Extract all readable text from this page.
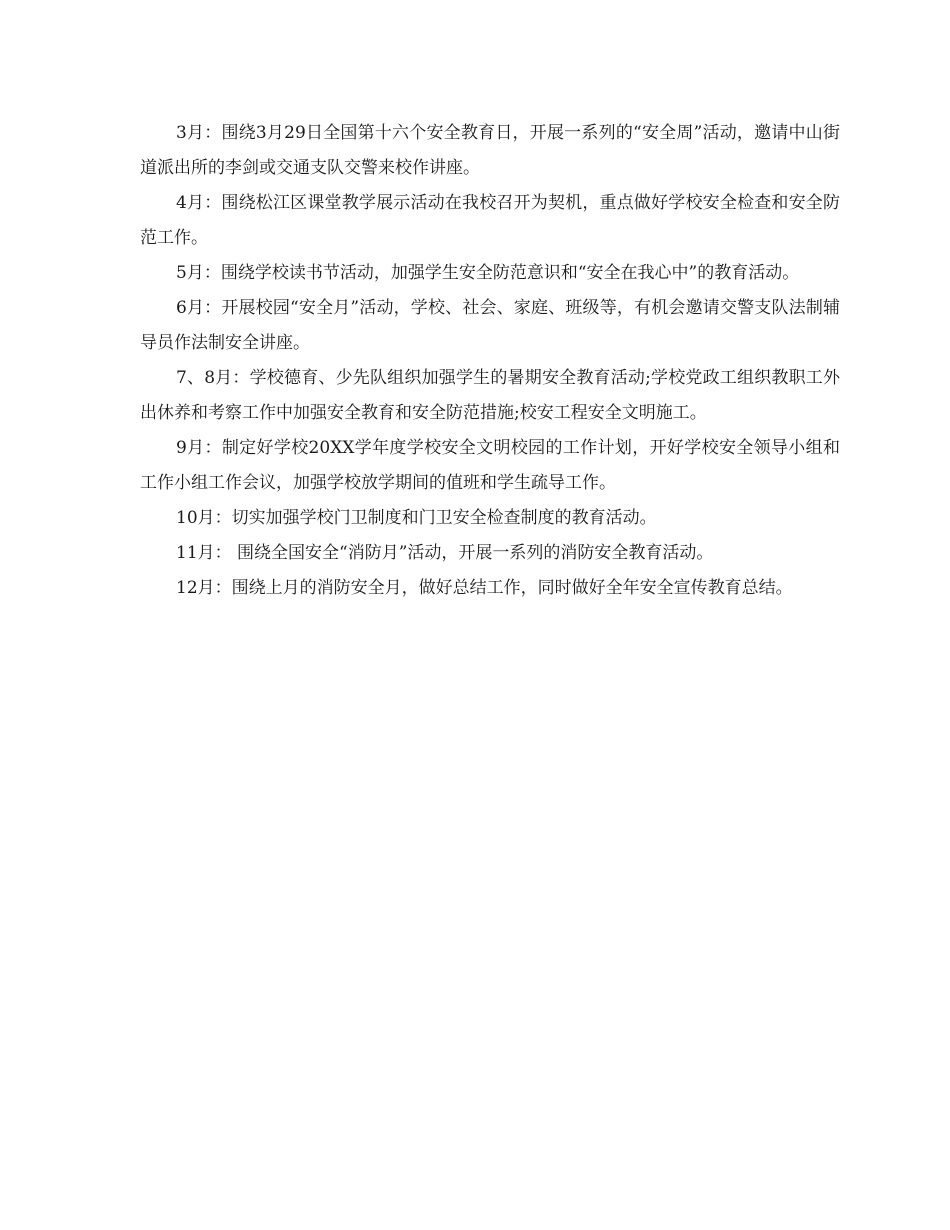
3月：围绕3月29日全国第十六个安全教育日，开展一系列的“安全周”活动，邀请中山街道派出所的李剑或交通支队交警来校作讲座。

4月：围绕松江区课堂教学展示活动在我校召开为契机，重点做好学校安全检查和安全防范工作。

5月：围绕学校读书节活动，加强学生安全防范意识和“安全在我心中”的教育活动。

6月：开展校园“安全月”活动，学校、社会、家庭、班级等，有机会邀请交警支队法制辅导员作法制安全讲座。

7、8月：学校德育、少先队组织加强学生的暑期安全教育活动;学校党政工组织教职工外出休养和考察工作中加强安全教育和安全防范措施;校安工程安全文明施工。

9月：制定好学校20XX学年度学校安全文明校园的工作计划，开好学校安全领导小组和工作小组工作会议，加强学校放学期间的值班和学生疏导工作。

10月：切实加强学校门卫制度和门卫安全检查制度的教育活动。

11月： 围绕全国安全“消防月”活动，开展一系列的消防安全教育活动。

12月：围绕上月的消防安全月，做好总结工作，同时做好全年安全宣传教育总结。
